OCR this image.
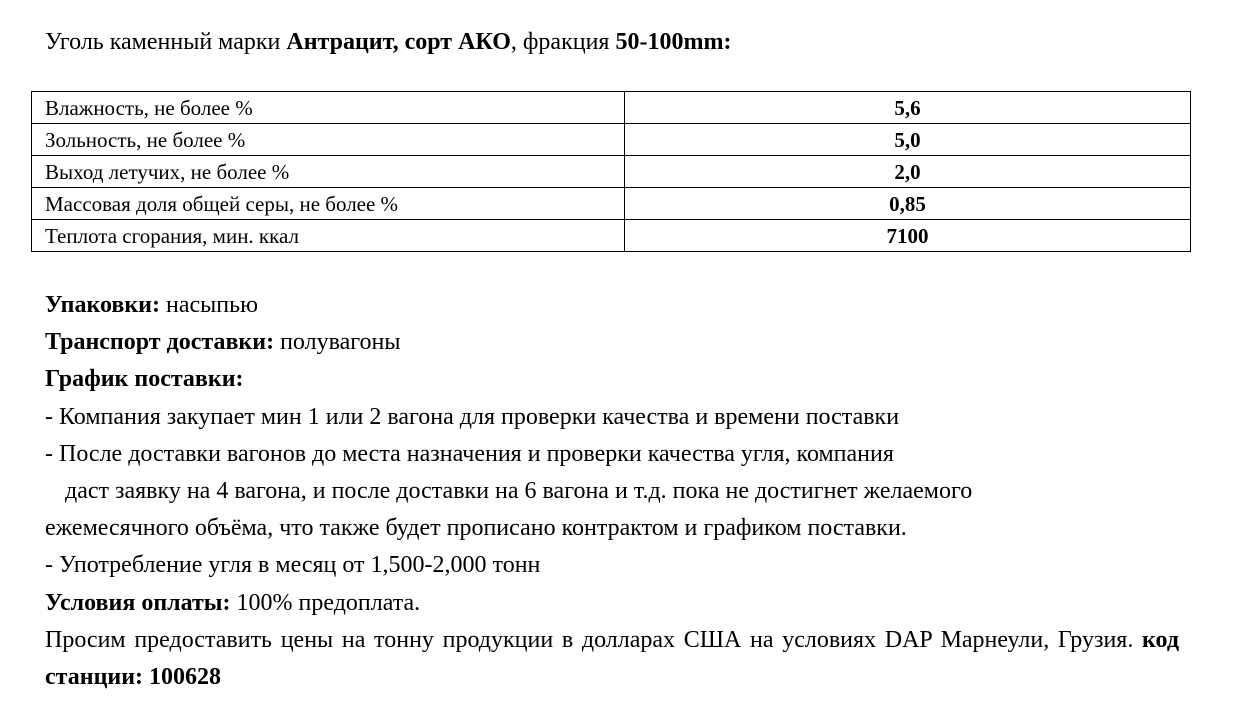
Уголь каменный марки Антрацит, сорт АКО, фракция 50-100mm:
Влажность, не более %	5,6
Зольность, не более %	5,0
Выход летучих, не более %	2,0
Массовая доля общей серы, не более %	0,85
Теплота сгорания, мин. ккал	7100

Упаковки: насыпью

Транспорт доставки: полувагоны

График поставки:

- Компания закупает мин 1 или 2 вагона для проверки качества и времени поставки

- После доставки вагонов до места назначения и проверки качества угля, компания

даст заявку на 4 вагона, и после доставки на 6 вагона и т.д. пока не достигнет желаемого

ежемесячного объёма, что также будет прописано контрактом и графиком поставки.

- Употребление угля в месяц от 1,500-2,000 тонн

Условия оплаты: 100% предоплата.

Просим предоставить цены на тонну продукции в долларах США на условиях DAP Марнеули, Грузия. код станции: 100628
